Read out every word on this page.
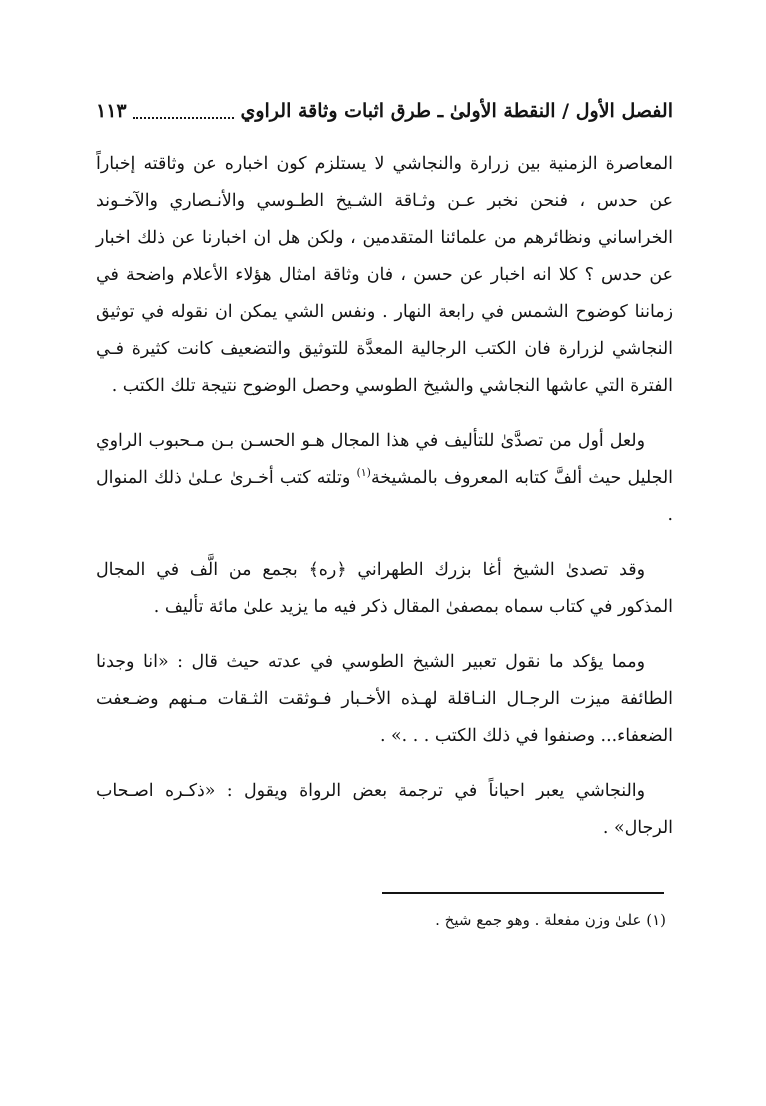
الفصل الأول / النقطة الأولىٰ ـ طرق اثبات وثاقة الراوي
١١٣

المعاصرة الزمنية بين زرارة والنجاشي لا يستلزم كون اخباره عن وثاقته إخباراً عن حدس ، فنحن نخبر عـن وثـاقة الشـيخ الطـوسي والأنـصاري والآخـوند الخراساني ونظائرهم من علمائنا المتقدمين ، ولكن هل ان اخبارنا عن ذلك اخبار عن حدس ؟ كلا انه اخبار عن حسن ، فان وثاقة امثال هؤلاء الأعلام واضحة في زماننا كوضوح الشمس في رابعة النهار . ونفس الشي يمكن ان نقوله في توثيق النجاشي لزرارة فان الكتب الرجالية المعدَّة للتوثيق والتضعيف كانت كثيرة فـي الفترة التي عاشها النجاشي والشيخ الطوسي وحصل الوضوح نتيجة تلك الكتب .

ولعل أول من تصدَّىٰ للتأليف في هذا المجال هـو الحسـن بـن مـحبوب الراوي الجليل حيث ألفَّ كتابه المعروف بالمشيخة$^{(١)}$ وتلته كتب أخـرىٰ عـلىٰ ذلك المنوال .

وقد تصدىٰ الشيخ أغا بزرك الطهراني ﴿ره﴾ بجمع من الَّف في المجال المذكور في كتاب سماه بمصفىٰ المقال ذكر فيه ما يزيد علىٰ مائة تأليف .

ومما يؤكد ما نقول تعبير الشيخ الطوسي في عدته حيث قال : «انا وجدنا الطائفة ميزت الرجـال النـاقلة لهـذه الأخـبار فـوثقت الثـقات مـنهم وضـعفت الضعفاء... وصنفوا في ذلك الكتب . . .» .

والنجاشي يعبر احياناً في ترجمة بعض الرواة ويقول : «ذكـره اصـحاب الرجال» .

(١) علىٰ وزن مفعلة . وهو جمع شيخ .
